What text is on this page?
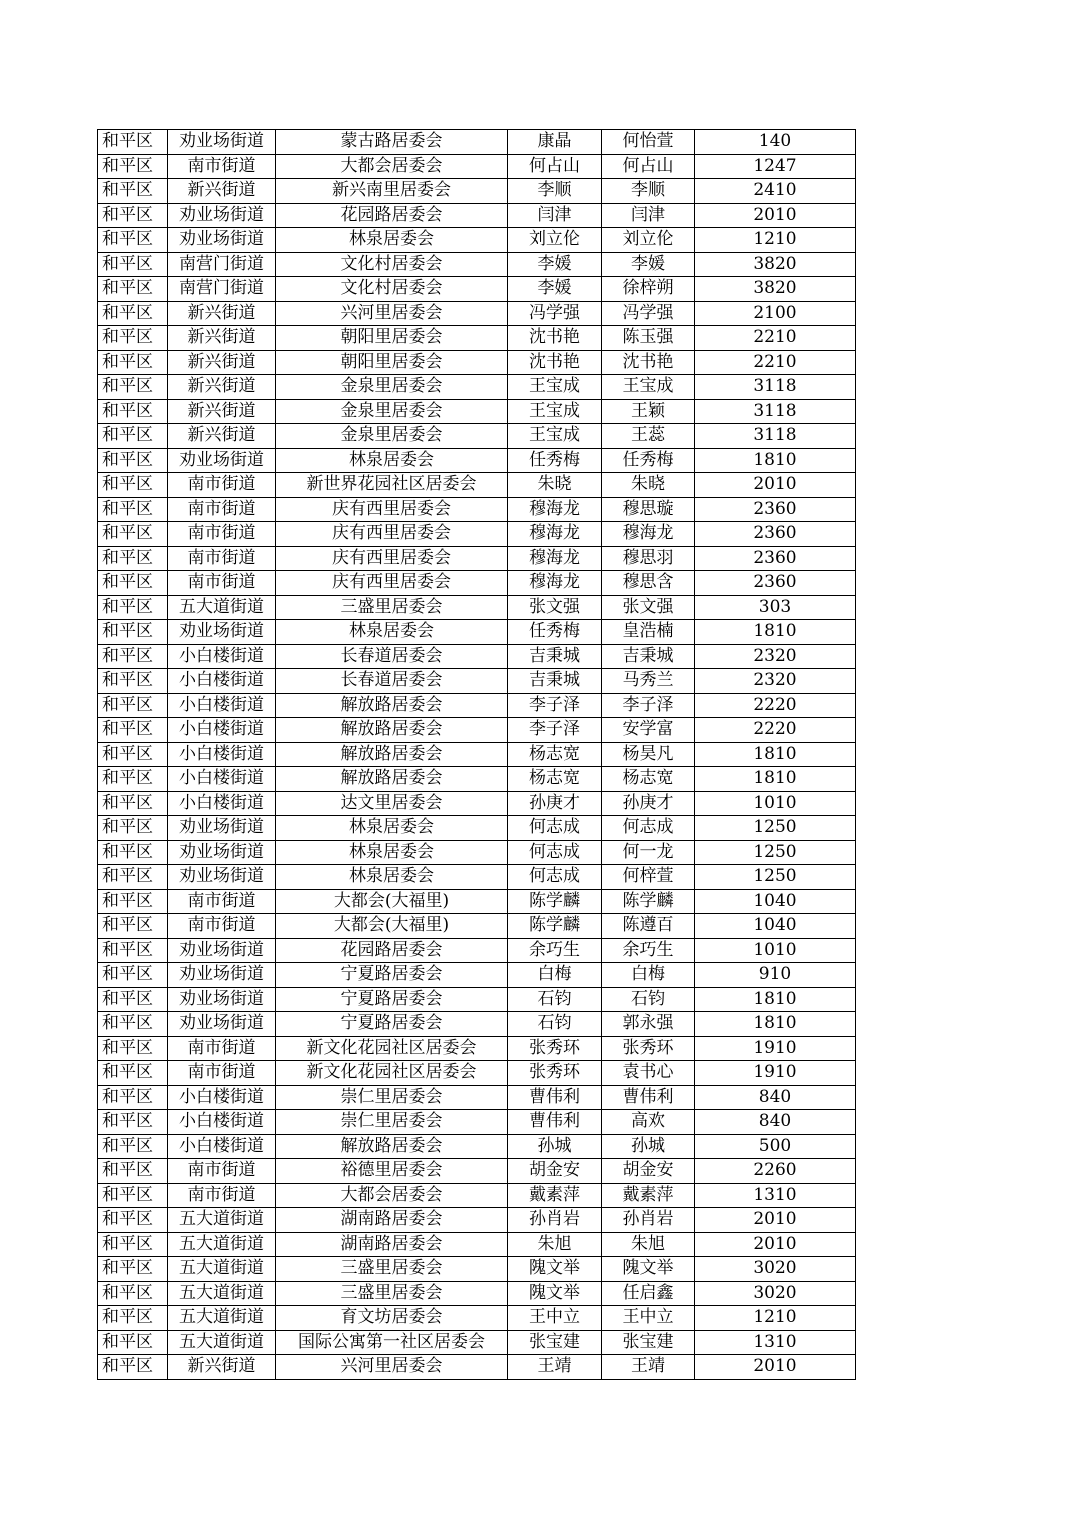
和平区	劝业场街道	蒙古路居委会	康晶	何怡萱	140
和平区	南市街道	大都会居委会	何占山	何占山	1247
和平区	新兴街道	新兴南里居委会	李顺	李顺	2410
和平区	劝业场街道	花园路居委会	闫津	闫津	2010
和平区	劝业场街道	林泉居委会	刘立伦	刘立伦	1210
和平区	南营门街道	文化村居委会	李媛	李媛	3820
和平区	南营门街道	文化村居委会	李媛	徐梓朔	3820
和平区	新兴街道	兴河里居委会	冯学强	冯学强	2100
和平区	新兴街道	朝阳里居委会	沈书艳	陈玉强	2210
和平区	新兴街道	朝阳里居委会	沈书艳	沈书艳	2210
和平区	新兴街道	金泉里居委会	王宝成	王宝成	3118
和平区	新兴街道	金泉里居委会	王宝成	王颖	3118
和平区	新兴街道	金泉里居委会	王宝成	王蕊	3118
和平区	劝业场街道	林泉居委会	任秀梅	任秀梅	1810
和平区	南市街道	新世界花园社区居委会	朱晓	朱晓	2010
和平区	南市街道	庆有西里居委会	穆海龙	穆思璇	2360
和平区	南市街道	庆有西里居委会	穆海龙	穆海龙	2360
和平区	南市街道	庆有西里居委会	穆海龙	穆思羽	2360
和平区	南市街道	庆有西里居委会	穆海龙	穆思含	2360
和平区	五大道街道	三盛里居委会	张文强	张文强	303
和平区	劝业场街道	林泉居委会	任秀梅	皇浩楠	1810
和平区	小白楼街道	长春道居委会	吉秉城	吉秉城	2320
和平区	小白楼街道	长春道居委会	吉秉城	马秀兰	2320
和平区	小白楼街道	解放路居委会	李子泽	李子泽	2220
和平区	小白楼街道	解放路居委会	李子泽	安学富	2220
和平区	小白楼街道	解放路居委会	杨志宽	杨昊凡	1810
和平区	小白楼街道	解放路居委会	杨志宽	杨志宽	1810
和平区	小白楼街道	达文里居委会	孙庚才	孙庚才	1010
和平区	劝业场街道	林泉居委会	何志成	何志成	1250
和平区	劝业场街道	林泉居委会	何志成	何一龙	1250
和平区	劝业场街道	林泉居委会	何志成	何梓萱	1250
和平区	南市街道	大都会(大福里)	陈学麟	陈学麟	1040
和平区	南市街道	大都会(大福里)	陈学麟	陈遵百	1040
和平区	劝业场街道	花园路居委会	余巧生	余巧生	1010
和平区	劝业场街道	宁夏路居委会	白梅	白梅	910
和平区	劝业场街道	宁夏路居委会	石钧	石钧	1810
和平区	劝业场街道	宁夏路居委会	石钧	郭永强	1810
和平区	南市街道	新文化花园社区居委会	张秀环	张秀环	1910
和平区	南市街道	新文化花园社区居委会	张秀环	袁书心	1910
和平区	小白楼街道	崇仁里居委会	曹伟利	曹伟利	840
和平区	小白楼街道	崇仁里居委会	曹伟利	高欢	840
和平区	小白楼街道	解放路居委会	孙城	孙城	500
和平区	南市街道	裕德里居委会	胡金安	胡金安	2260
和平区	南市街道	大都会居委会	戴素萍	戴素萍	1310
和平区	五大道街道	湖南路居委会	孙肖岩	孙肖岩	2010
和平区	五大道街道	湖南路居委会	朱旭	朱旭	2010
和平区	五大道街道	三盛里居委会	隗文举	隗文举	3020
和平区	五大道街道	三盛里居委会	隗文举	任启鑫	3020
和平区	五大道街道	育文坊居委会	王中立	王中立	1210
和平区	五大道街道	国际公寓第一社区居委会	张宝建	张宝建	1310
和平区	新兴街道	兴河里居委会	王靖	王靖	2010
